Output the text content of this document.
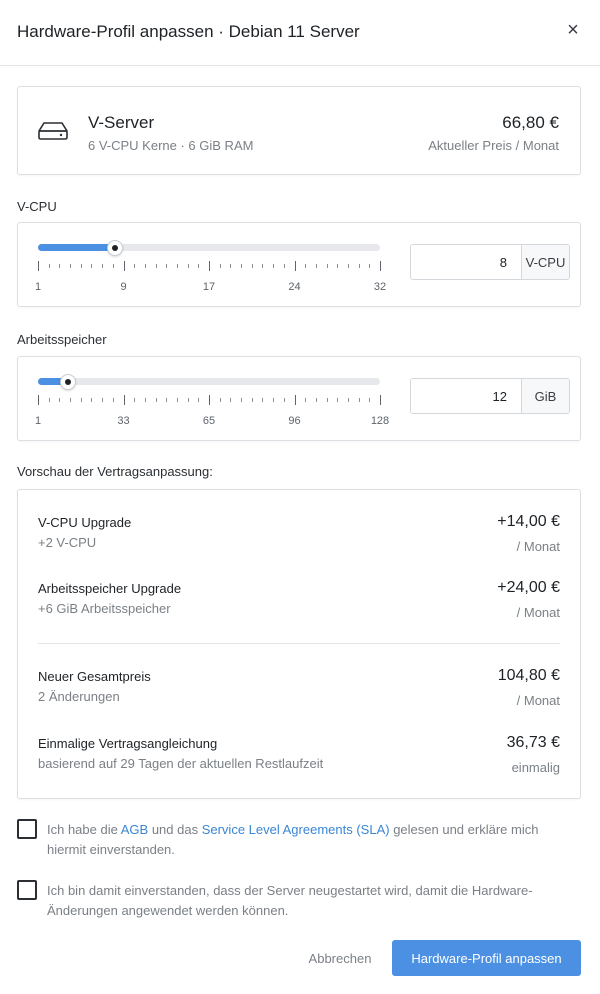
Hardware-Profil anpassen · Debian 11 Server	×
V-Server
6 V-CPU Kerne · 6 GiB RAM
66,80 €
Aktueller Preis / Monat
V-CPU
8
V-CPU
1	9	17	24	32
Arbeitsspeicher
12
GiB
1	33	65	96	128
Vorschau der Vertragsanpassung:
V-CPU Upgrade
+2 V-CPU
+14,00 €
/ Monat
Arbeitsspeicher Upgrade
+6 GiB Arbeitsspeicher
+24,00 €
/ Monat
Neuer Gesamtpreis
2 Änderungen
104,80 €
/ Monat
Einmalige Vertragsangleichung
basierend auf 29 Tagen der aktuellen Restlaufzeit
36,73 €
einmalig
Ich habe die AGB und das Service Level Agreements (SLA) gelesen und erkläre mich hiermit einverstanden.
Ich bin damit einverstanden, dass der Server neugestartet wird, damit die Hardware-Änderungen angewendet werden können.
Abbrechen	Hardware-Profil anpassen
